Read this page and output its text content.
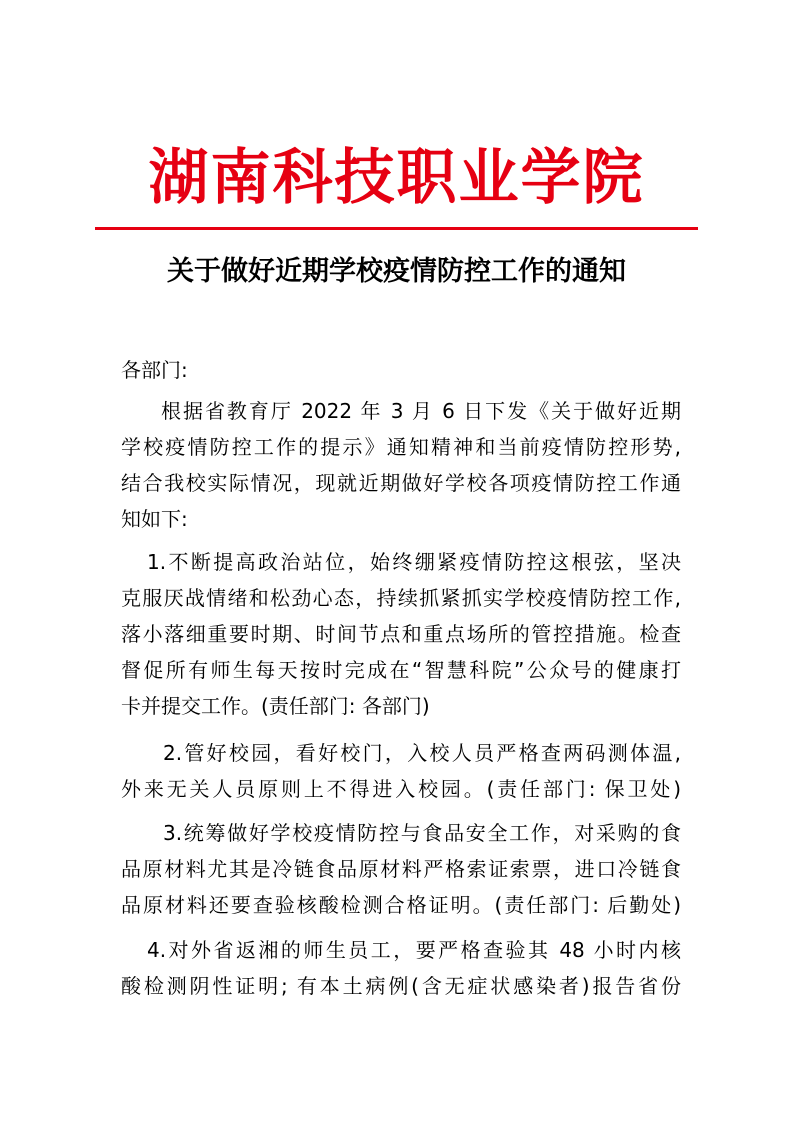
湖南科技职业学院
关于做好近期学校疫情防控工作的通知
各部门:
根据省教育厅 2022 年 3 月 6 日下发《关于做好近期
学校疫情防控工作的提示》通知精神和当前疫情防控形势,
结合我校实际情况，现就近期做好学校各项疫情防控工作通
知如下:
1.不断提高政治站位，始终绷紧疫情防控这根弦，坚决
克服厌战情绪和松劲心态，持续抓紧抓实学校疫情防控工作,
落小落细重要时期、时间节点和重点场所的管控措施。检查
督促所有师生每天按时完成在“智慧科院”公众号的健康打
卡并提交工作。(责任部门: 各部门)
2.管好校园，看好校门，入校人员严格查两码测体温,
外来无关人员原则上不得进入校园。(责任部门: 保卫处)
3.统筹做好学校疫情防控与食品安全工作，对采购的食
品原材料尤其是冷链食品原材料严格索证索票，进口冷链食
品原材料还要查验核酸检测合格证明。(责任部门: 后勤处)
4.对外省返湘的师生员工，要严格查验其 48 小时内核
酸检测阴性证明; 有本土病例(含无症状感染者)报告省份
